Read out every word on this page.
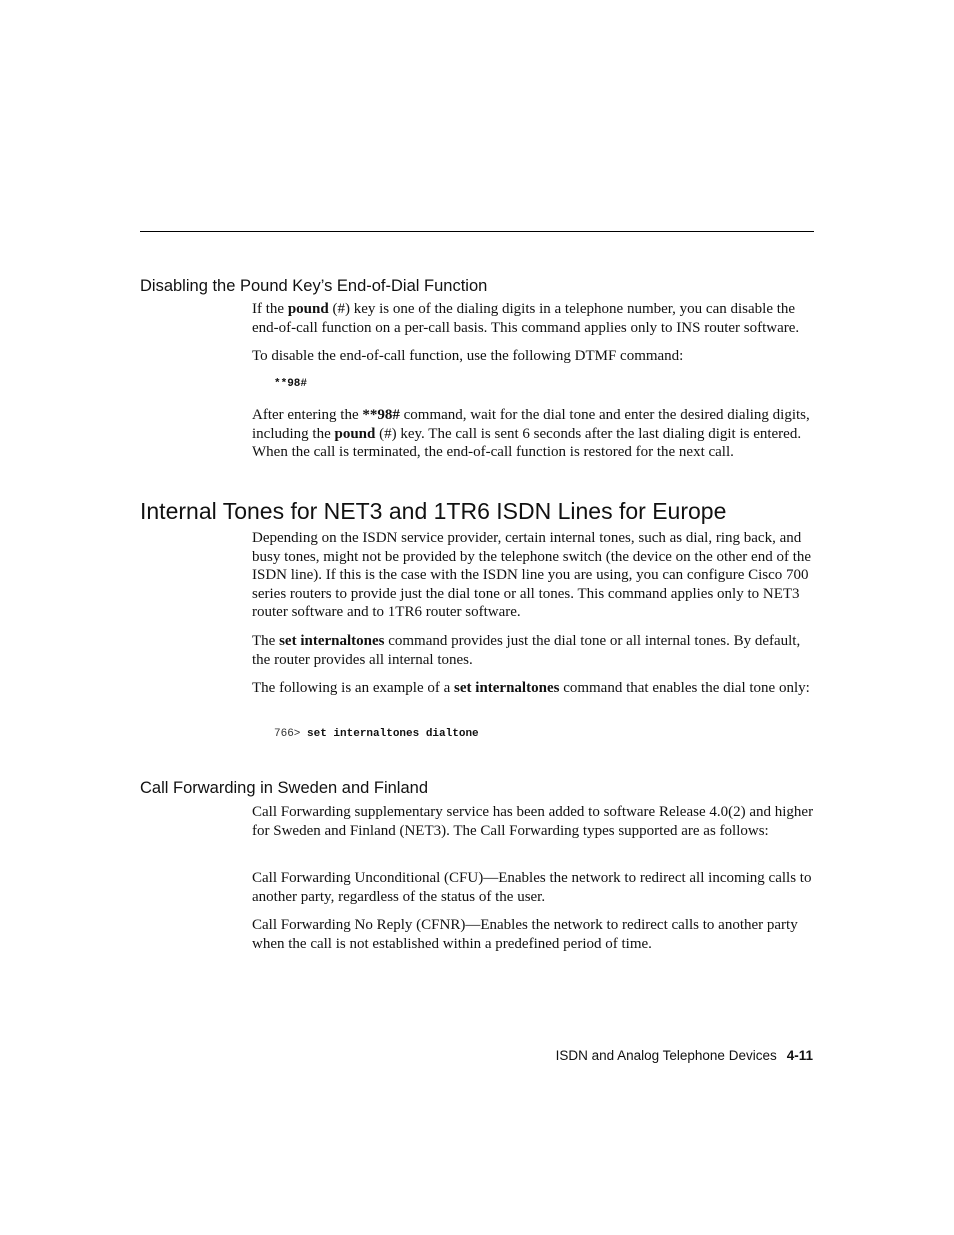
Disabling the Pound Key’s End-of-Dial Function

If the pound (#) key is one of the dialing digits in a telephone number, you can disable the end-of-call function on a per-call basis. This command applies only to INS router software.

To disable the end-of-call function, use the following DTMF command:

**98#

After entering the **98# command, wait for the dial tone and enter the desired dialing digits, including the pound (#) key. The call is sent 6 seconds after the last dialing digit is entered. When the call is terminated, the end-of-call function is restored for the next call.

Internal Tones for NET3 and 1TR6 ISDN Lines for Europe

Depending on the ISDN service provider, certain internal tones, such as dial, ring back, and busy tones, might not be provided by the telephone switch (the device on the other end of the ISDN line). If this is the case with the ISDN line you are using, you can configure Cisco 700 series routers to provide just the dial tone or all tones. This command applies only to NET3 router software and to 1TR6 router software.

The set internaltones command provides just the dial tone or all internal tones. By default, the router provides all internal tones.

The following is an example of a set internaltones command that enables the dial tone only:

766> set internaltones dialtone

Call Forwarding in Sweden and Finland

Call Forwarding supplementary service has been added to software Release 4.0(2) and higher for Sweden and Finland (NET3). The Call Forwarding types supported are as follows:

Call Forwarding Unconditional (CFU)—Enables the network to redirect all incoming calls to another party, regardless of the status of the user.

Call Forwarding No Reply (CFNR)—Enables the network to redirect calls to another party when the call is not established within a predefined period of time.

ISDN and Analog Telephone Devices 4-11
